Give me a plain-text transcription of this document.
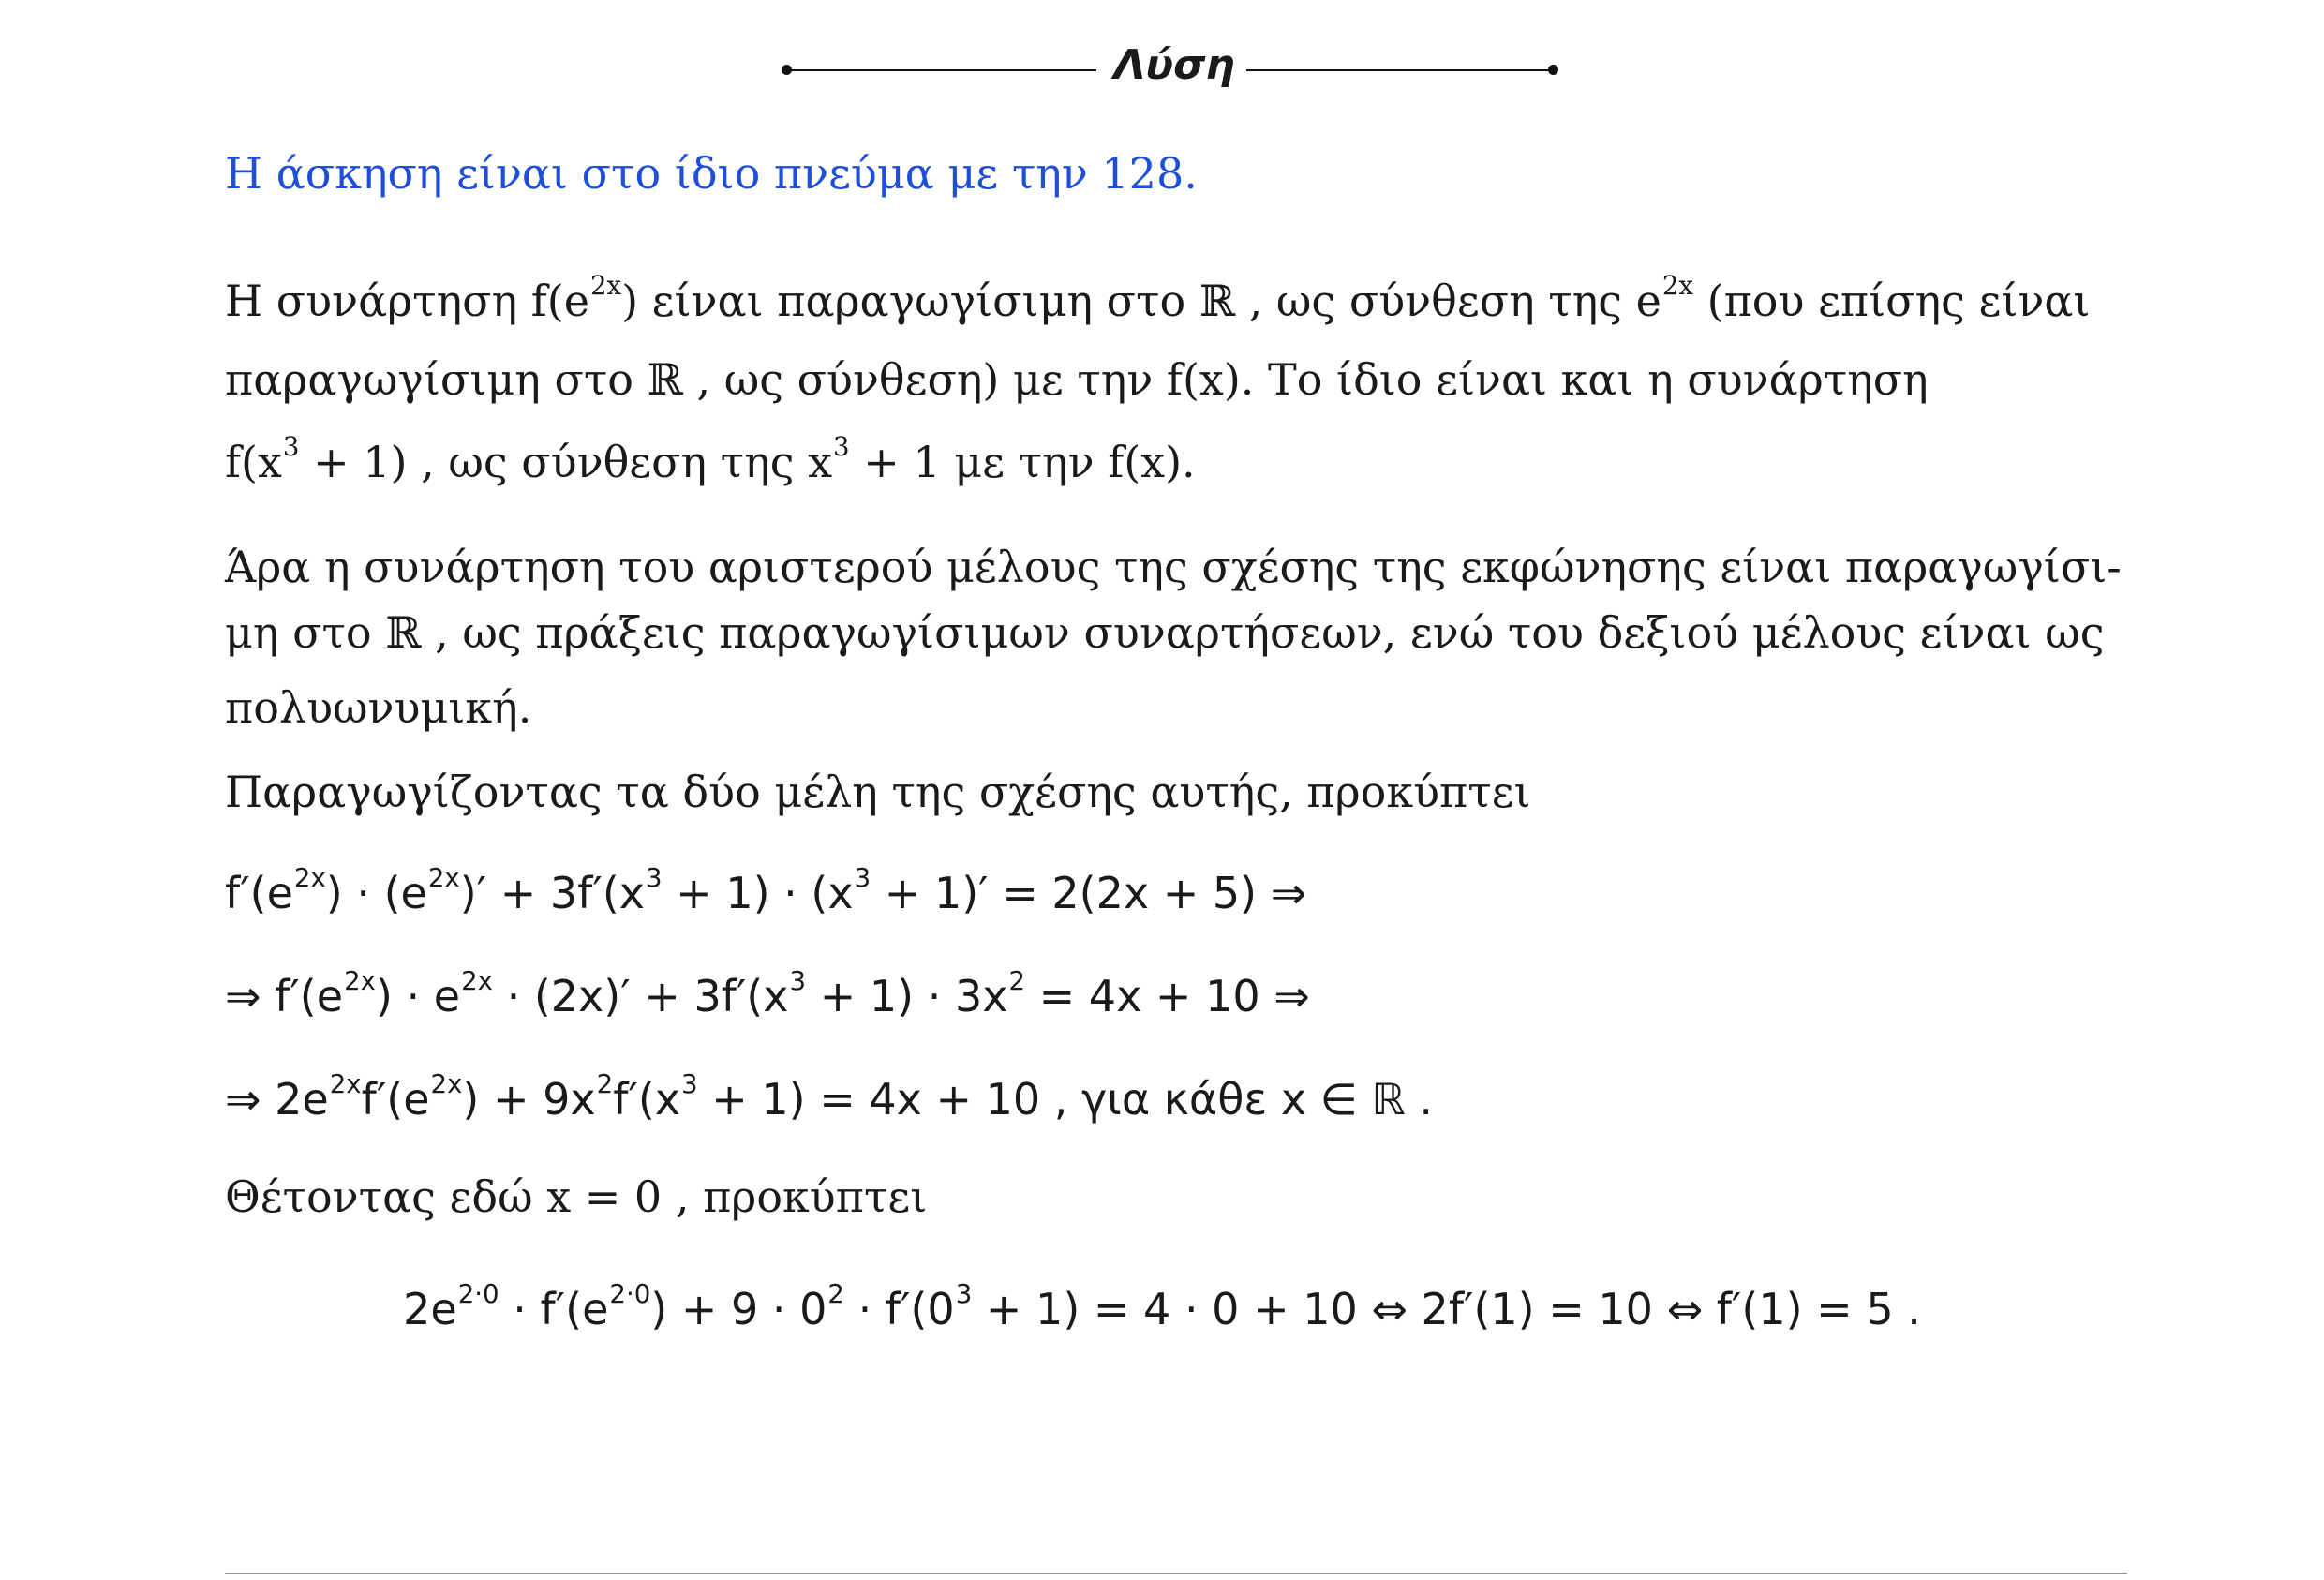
Λύση
Η άσκηση είναι στο ίδιο πνεύμα με την 128.
Η συνάρτηση $f(e^{2x})$ είναι παραγωγίσιμη στο ℝ , ως σύνθεση της $e^{2x}$ (που επίσης είναι
παραγωγίσιμη στο ℝ , ως σύνθεση) με την f(x). Το ίδιο είναι και η συνάρτηση
$f(x^3 + 1)$ , ως σύνθεση της $x^3 + 1$ με την f(x).
Άρα η συνάρτηση του αριστερού μέλους της σχέσης της εκφώνησης είναι παραγωγίσι-
μη στο ℝ , ως πράξεις παραγωγίσιμων συναρτήσεων, ενώ του δεξιού μέλους είναι ως
πολυωνυμική.
Παραγωγίζοντας τα δύο μέλη της σχέσης αυτής, προκύπτει
$f'(e^{2x}) \cdot (e^{2x})' + 3f'(x^3 + 1) \cdot (x^3 + 1)' = 2(2x + 5)$ ⇒
⇒ $f'(e^{2x}) \cdot e^{2x} \cdot (2x)' + 3f'(x^3 + 1) \cdot 3x^2 = 4x + 10$ ⇒
⇒ $2e^{2x}f'(e^{2x}) + 9x^2f'(x^3 + 1) = 4x + 10$ , για κάθε x ∈ ℝ .
Θέτοντας εδώ x = 0 , προκύπτει
$2e^{2\cdot 0} \cdot f'(e^{2\cdot 0}) + 9 \cdot 0^2 \cdot f'(0^3 + 1) = 4 \cdot 0 + 10$ ⇔ 2f′(1) = 10 ⇔ f′(1) = 5 .
